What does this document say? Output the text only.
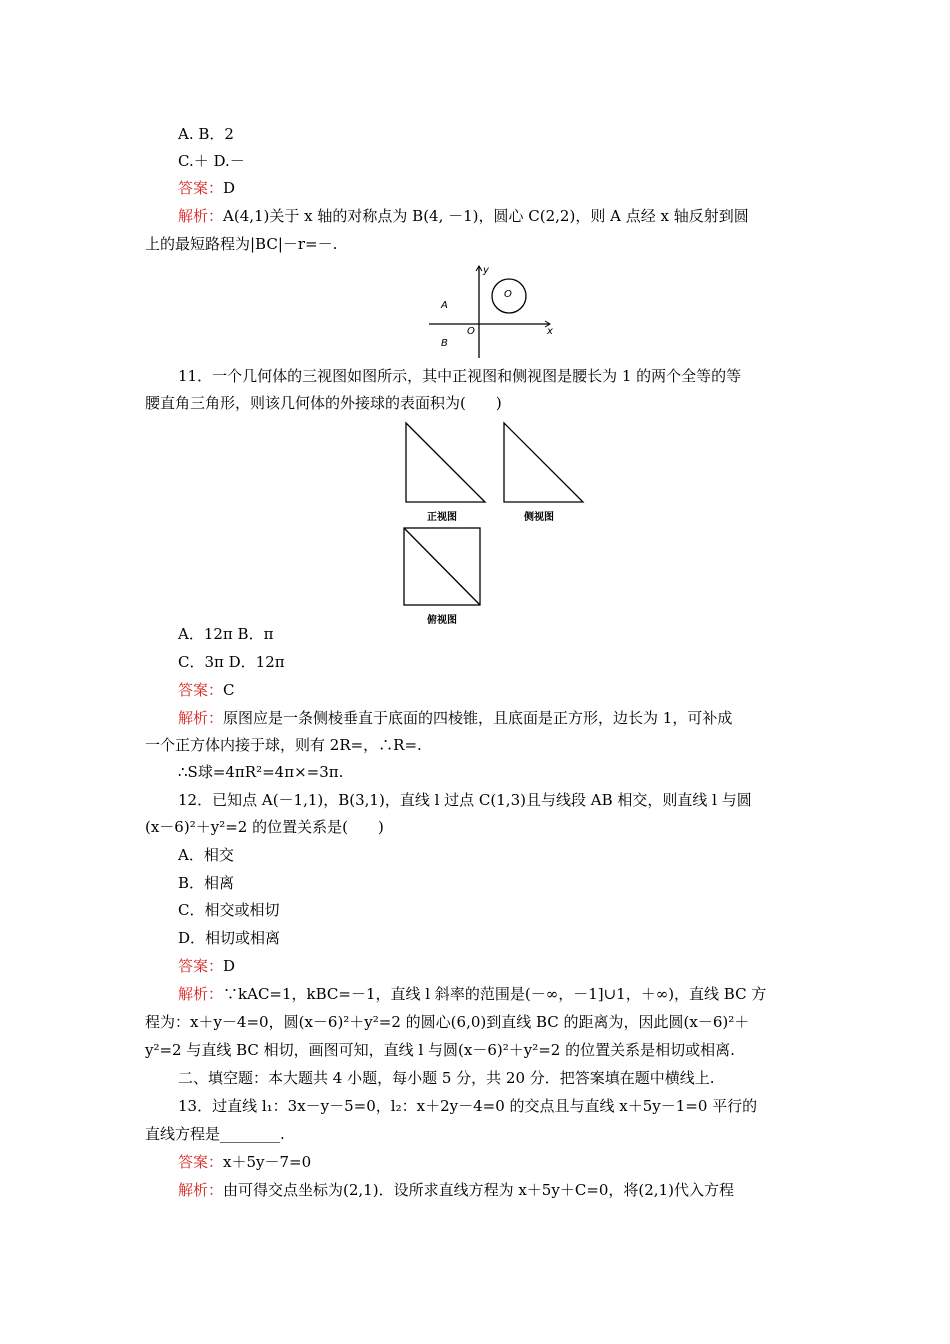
A. B．2
C.＋ D.－
答案：D
解析：A(4,1)关于 x 轴的对称点为 B(4, －1)，圆心 C(2,2)，则 A 点经 x 轴反射到圆
上的最短路程为|BC|－r=－.
y
x
A
O
B
O
11．一个几何体的三视图如图所示，其中正视图和侧视图是腰长为 1 的两个全等的等
腰直角三角形，则该几何体的外接球的表面积为(　　)
正视图	侧视图
俯视图
A．12π B．π
C．3π D．12π
答案：C
解析：原图应是一条侧棱垂直于底面的四棱锥，且底面是正方形，边长为 1，可补成
一个正方体内接于球，则有 2R=，∴R=.
∴S球=4πR²=4π×=3π.
12．已知点 A(－1,1)，B(3,1)，直线 l 过点 C(1,3)且与线段 AB 相交，则直线 l 与圆
(x－6)²＋y²=2 的位置关系是(　　)
A．相交
B．相离
C．相交或相切
D．相切或相离
答案：D
解析：∵kAC=1，kBC=－1，直线 l 斜率的范围是(－∞，－1]∪1，＋∞)，直线 BC 方
程为：x＋y－4=0，圆(x－6)²＋y²=2 的圆心(6,0)到直线 BC 的距离为，因此圆(x－6)²＋
y²=2 与直线 BC 相切，画图可知，直线 l 与圆(x－6)²＋y²=2 的位置关系是相切或相离.
二、填空题：本大题共 4 小题，每小题 5 分，共 20 分．把答案填在题中横线上.
13．过直线 l₁：3x－y－5=0，l₂：x＋2y－4=0 的交点且与直线 x＋5y－1=0 平行的
直线方程是________.
答案：x＋5y－7=0
解析：由可得交点坐标为(2,1)．设所求直线方程为 x＋5y＋C=0，将(2,1)代入方程
